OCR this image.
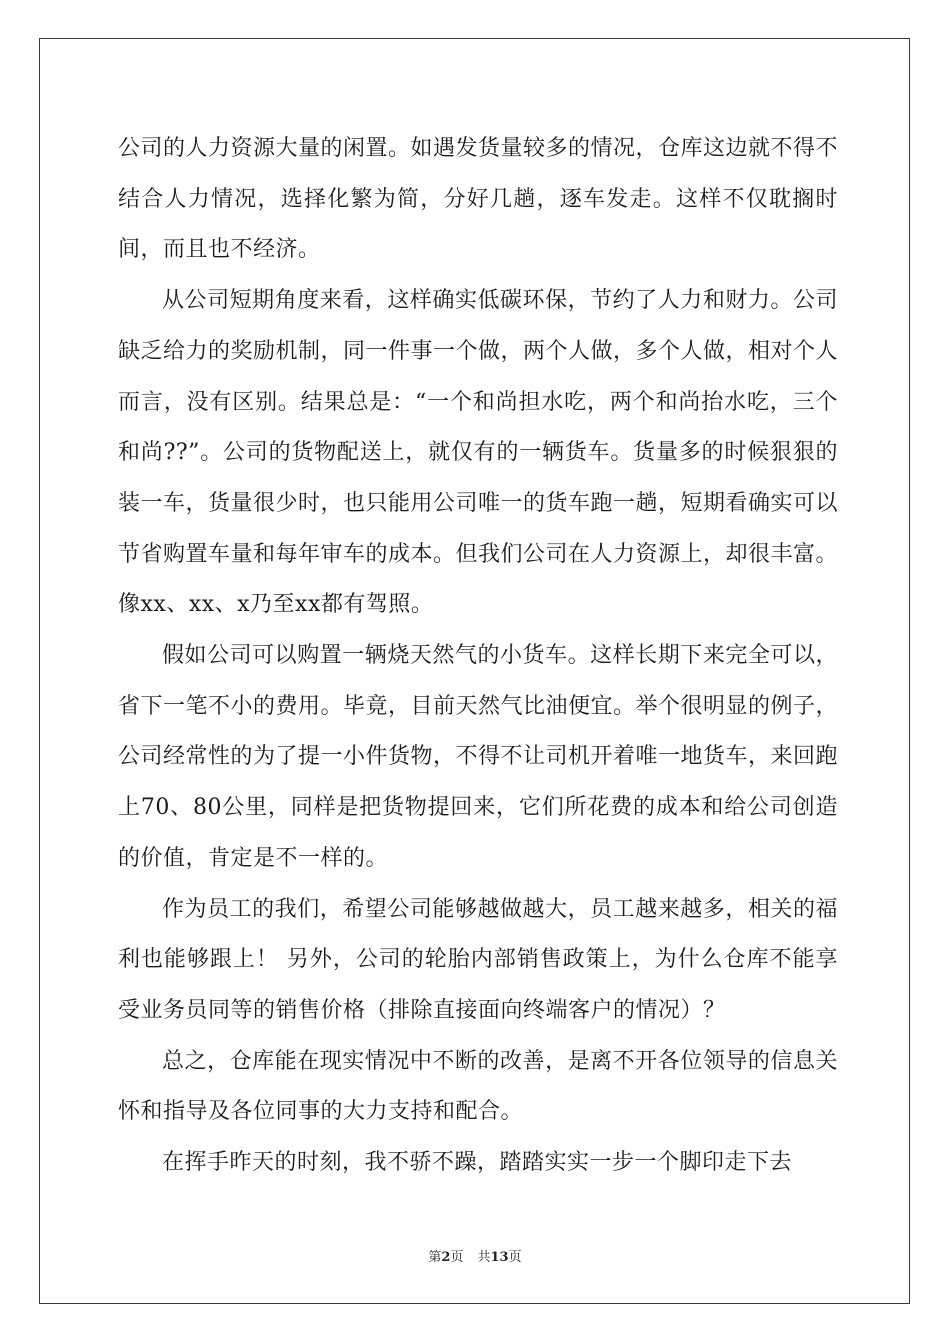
公司的人力资源大量的闲置。如遇发货量较多的情况，仓库这边就不得不结合人力情况，选择化繁为简，分好几趟，逐车发走。这样不仅耽搁时间，而且也不经济。

从公司短期角度来看，这样确实低碳环保，节约了人力和财力。公司缺乏给力的奖励机制，同一件事一个做，两个人做，多个人做，相对个人而言，没有区别。结果总是：“一个和尚担水吃，两个和尚抬水吃，三个和尚??”。公司的货物配送上，就仅有的一辆货车。货量多的时候狠狠的装一车，货量很少时，也只能用公司唯一的货车跑一趟，短期看确实可以节省购置车量和每年审车的成本。但我们公司在人力资源上，却很丰富。像xx、xx、x乃至xx都有驾照。

假如公司可以购置一辆烧天然气的小货车。这样长期下来完全可以，省下一笔不小的费用。毕竟，目前天然气比油便宜。举个很明显的例子，公司经常性的为了提一小件货物，不得不让司机开着唯一地货车，来回跑上70、80公里，同样是把货物提回来，它们所花费的成本和给公司创造的价值，肯定是不一样的。

作为员工的我们，希望公司能够越做越大，员工越来越多，相关的福利也能够跟上！ 另外，公司的轮胎内部销售政策上，为什么仓库不能享受业务员同等的销售价格（排除直接面向终端客户的情况）？

总之，仓库能在现实情况中不断的改善，是离不开各位领导的信息关怀和指导及各位同事的大力支持和配合。

在挥手昨天的时刻，我不骄不躁，踏踏实实一步一个脚印走下去

第2页 共13页
